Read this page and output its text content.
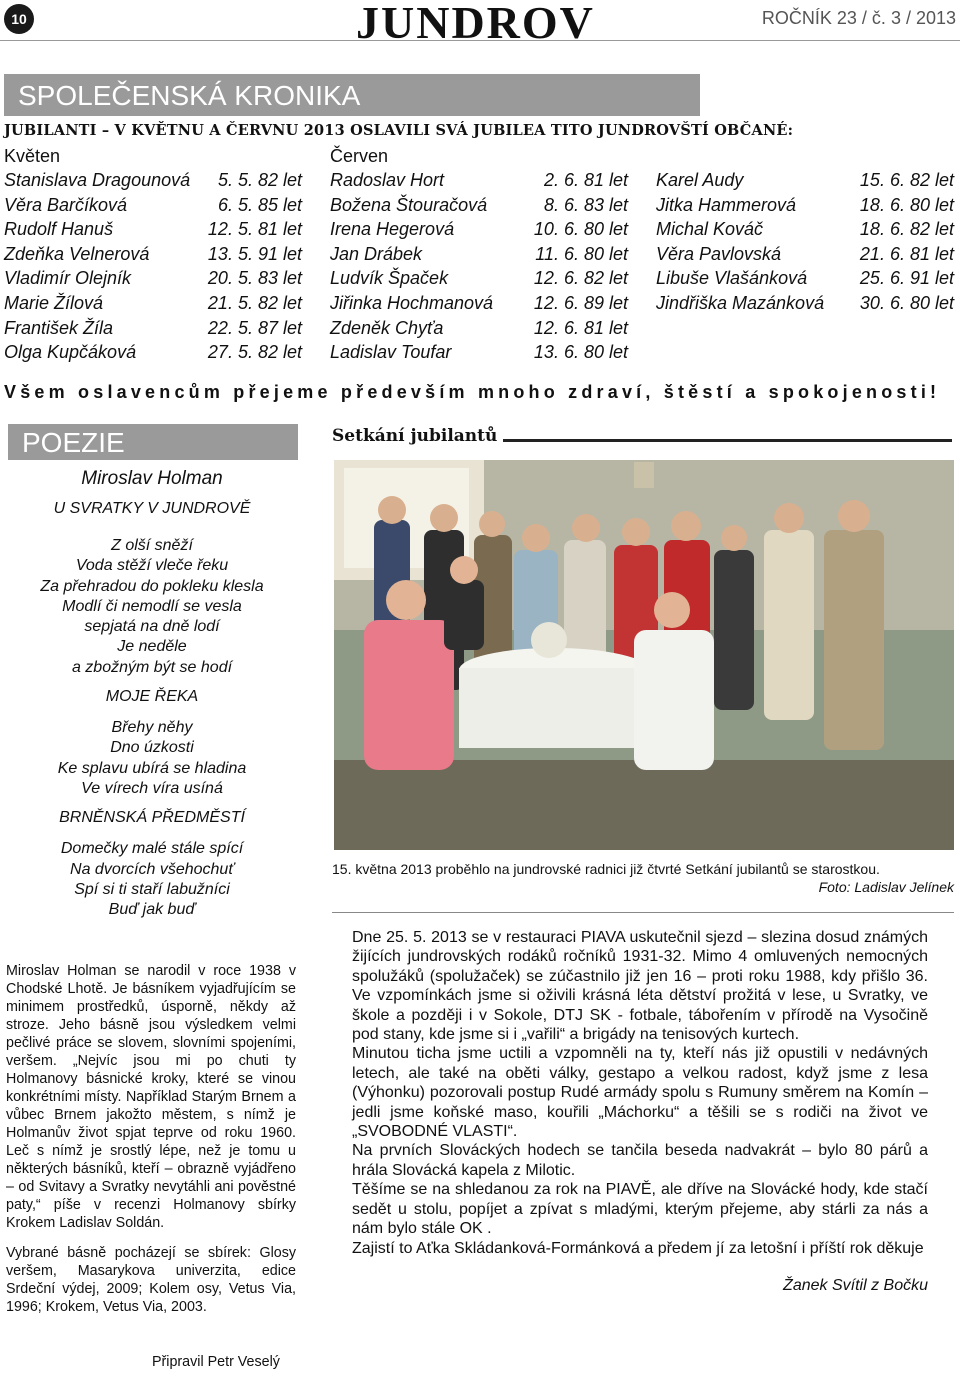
10	JUNDROV	ROČNÍK 23 / č. 3 / 2013
SPOLEČENSKÁ KRONIKA
JUBILANTI – V KVĚTNU A ČERVNU 2013 OSLAVILI SVÁ JUBILEA TITO JUNDROVŠTÍ OBČANÉ:
Květen	Červen
Stanislava Dragounová 5. 5. 82 let
Věra Barčíková	6. 5. 85 let
Rudolf Hanuš	12. 5. 81 let
Zdeňka Velnerová	13. 5. 91 let
Vladimír Olejník	20. 5. 83 let
Marie Žílová	21. 5. 82 let
František Žíla	22. 5. 87 let
Olga Kupčáková	27. 5. 82 let
Radoslav Hort	2. 6. 81 let
Božena Štouračová	8. 6. 83 let
Irena Hegerová	10. 6. 80 let
Jan Drábek	11. 6. 80 let
Ludvík Špaček	12. 6. 82 let
Jiřinka Hochmanová 12. 6. 89 let
Zdeněk Chyťa	12. 6. 81 let
Ladislav Toufar	13. 6. 80 let
Karel Audy	15. 6. 82 let
Jitka Hammerová	18. 6. 80 let
Michal Kováč	18. 6. 82 let
Věra Pavlovská	21. 6. 81 let
Libuše Vlašánková	25. 6. 91 let
Jindřiška Mazánková 30. 6. 80 let
Všem oslavencům přejeme především mnoho zdraví, štěstí a spokojenosti!
POEZIE
Miroslav Holman
U SVRATKY V JUNDROVĚ
Z olší sněží
Voda stěží vleče řeku
Za přehradou do pokleku klesla
Modlí či nemodlí se vesla
sepjatá na dně lodí
Je neděle
a zbožným být se hodí
MOJE ŘEKA
Břehy něhy
Dno úzkosti
Ke splavu ubírá se hladina
Ve vírech víra usíná
BRNĚNSKÁ PŘEDMĚSTÍ
Domečky malé stále spící
Na dvorcích všehochuť
Spí si ti staří labužníci
Buď jak buď

Miroslav Holman se narodil v roce 1938 v Chodské Lhotě. Je básníkem vyjadřujícím se minimem prostředků, úsporně, někdy až stroze. Jeho básně jsou výsledkem velmi pečlivé práce se slovem, slovními spojeními, veršem. „Nejvíc jsou mi po chuti ty Holmanovy básnické kroky, které se vinou konkrétními místy. Například Starým Brnem a vůbec Brnem jakožto městem, s nímž je Holmanův život spjat teprve od roku 1960. Leč s nímž je srostlý lépe, než je tomu u některých básníků, kteří – obrazně vyjádřeno – od Svitavy a Svratky nevytáhli ani pověstné paty,“ píše v recenzi Holmanovy sbírky Krokem Ladislav Soldán.

Vybrané básně pocházejí se sbírek: Glosy veršem, Masarykova univerzita, edice Srdeční výdej, 2009; Kolem osy, Vetus Via, 1996; Krokem, Vetus Via, 2003.

Připravil Petr Veselý
Setkání jubilantů
15. května 2013 proběhlo na jundrovské radnici již čtvrté Setkání jubilantů se starostkou.
Foto: Ladislav Jelínek

Dne 25. 5. 2013 se v restauraci PIAVA uskutečnil sjezd – slezina dosud známých žijících jundrovských rodáků ročníků 1931-32. Mimo 4 omluvených nemocných spolužáků (spolužaček) se zúčastnilo již jen 16 – proti roku 1988, kdy přišlo 36. Ve vzpomínkách jsme si oživili krásná léta dětství prožitá v lese, u Svratky, ve škole a později i v Sokole, DTJ SK - fotbale, tábořením v přírodě na Vysočině pod stany, kde jsme si i „vařili“ a brigády na tenisových kurtech.

Minutou ticha jsme uctili a vzpomněli na ty, kteří nás již opustili v nedávných letech, ale také na oběti války, gestapo a velkou radost, když jsme z lesa (Výhonku) pozorovali postup Rudé armády spolu s Rumuny směrem na Komín – jedli jsme koňské maso, kouřili „Máchorku“ a těšili se s rodiči na život ve „SVOBODNÉ VLASTI“.

Na prvních Slováckých hodech se tančila beseda nadvakrát – bylo 80 párů a hrála Slovácká kapela z Milotic.

Těšíme se na shledanou za rok na PIAVĚ, ale dříve na Slovácké hody, kde stačí sedět u stolu, popíjet a zpívat s mladými, kterým přejeme, aby stárli za nás a nám bylo stále OK .

Zajistí to Aťka Skládanková-Formánková a předem jí za letošní i příští rok děkuje

Žanek Svítil z Bočku
